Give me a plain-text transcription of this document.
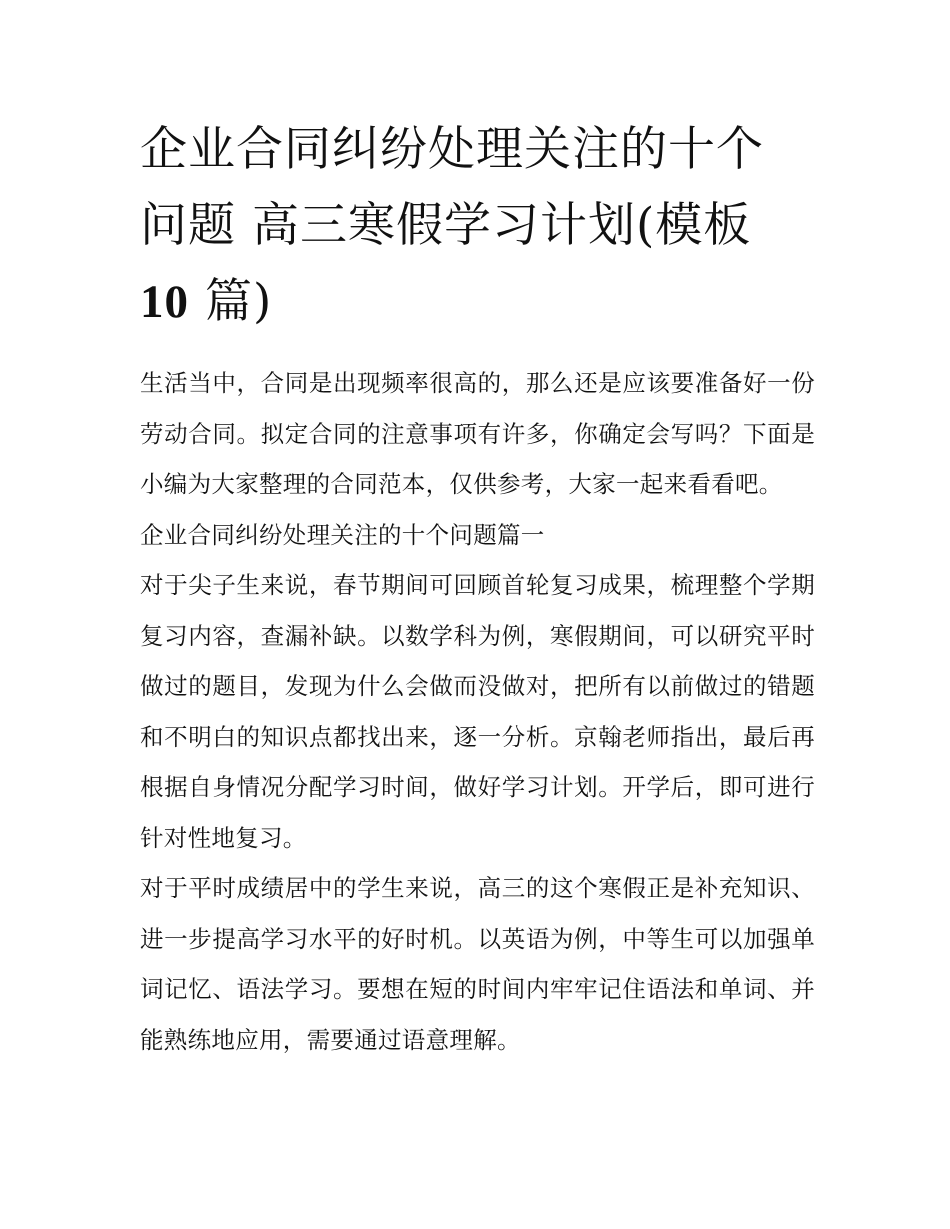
企业合同纠纷处理关注的十个
问题 高三寒假学习计划(模板
10 篇)

生活当中，合同是出现频率很高的，那么还是应该要准备好一份劳动合同。拟定合同的注意事项有许多，你确定会写吗？下面是小编为大家整理的合同范本，仅供参考，大家一起来看看吧。

企业合同纠纷处理关注的十个问题篇一

对于尖子生来说，春节期间可回顾首轮复习成果，梳理整个学期复习内容，查漏补缺。以数学科为例，寒假期间，可以研究平时做过的题目，发现为什么会做而没做对，把所有以前做过的错题和不明白的知识点都找出来，逐一分析。京翰老师指出，最后再根据自身情况分配学习时间，做好学习计划。开学后，即可进行针对性地复习。

对于平时成绩居中的学生来说，高三的这个寒假正是补充知识、进一步提高学习水平的好时机。以英语为例，中等生可以加强单词记忆、语法学习。要想在短的时间内牢牢记住语法和单词、并能熟练地应用，需要通过语意理解。
